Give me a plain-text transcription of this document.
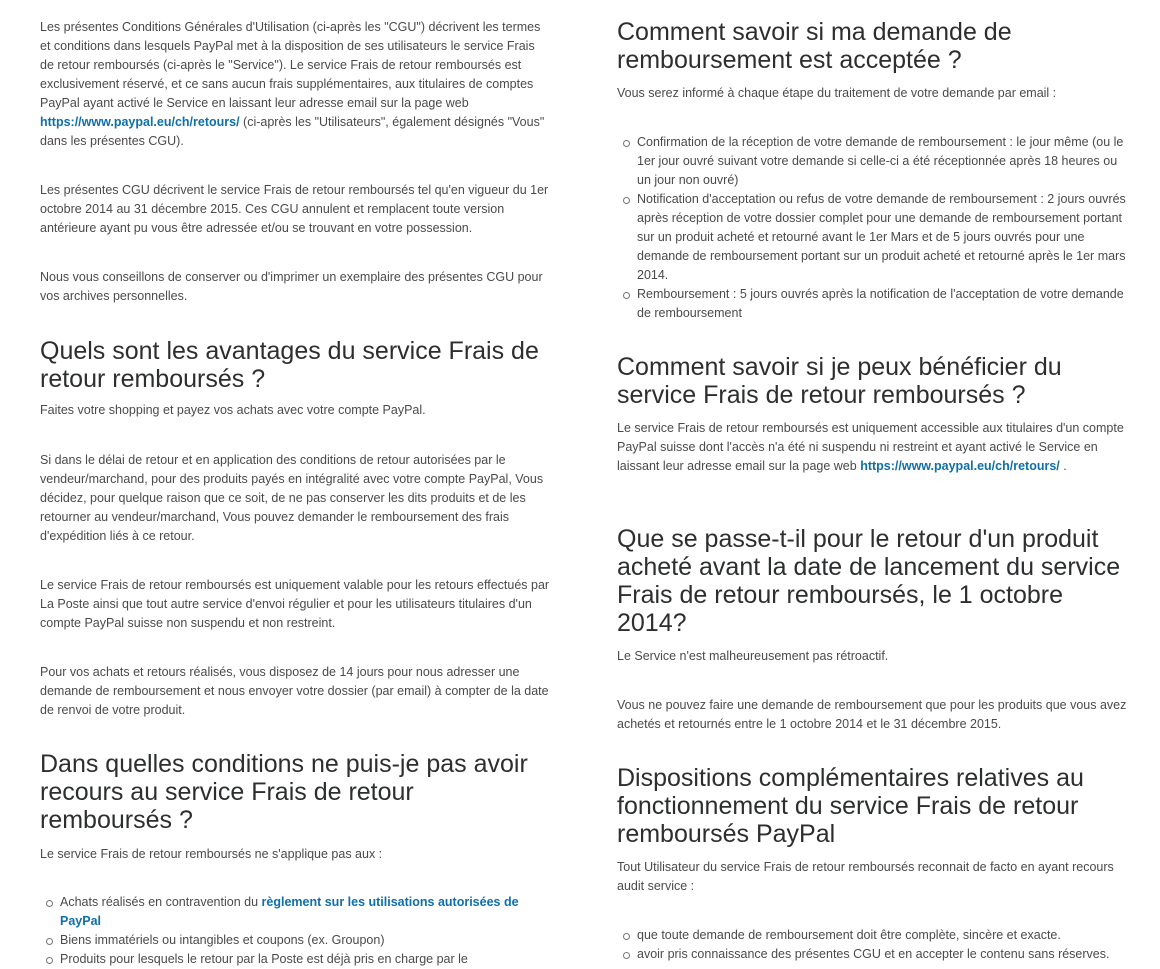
Les présentes Conditions Générales d'Utilisation (ci-après les "CGU") décrivent les termes et conditions dans lesquels PayPal met à la disposition de ses utilisateurs le service Frais de retour remboursés (ci-après le "Service"). Le service Frais de retour remboursés est exclusivement réservé, et ce sans aucun frais supplémentaires, aux titulaires de comptes PayPal ayant activé le Service en laissant leur adresse email sur la page web https://www.paypal.eu/ch/retours/ (ci-après les "Utilisateurs", également désignés "Vous" dans les présentes CGU).

Les présentes CGU décrivent le service Frais de retour remboursés tel qu'en vigueur du 1er octobre 2014 au 31 décembre 2015. Ces CGU annulent et remplacent toute version antérieure ayant pu vous être adressée et/ou se trouvant en votre possession.

Nous vous conseillons de conserver ou d'imprimer un exemplaire des présentes CGU pour vos archives personnelles.

Quels sont les avantages du service Frais de retour remboursés ?

Faites votre shopping et payez vos achats avec votre compte PayPal.

Si dans le délai de retour et en application des conditions de retour autorisées par le vendeur/marchand, pour des produits payés en intégralité avec votre compte PayPal, Vous décidez, pour quelque raison que ce soit, de ne pas conserver les dits produits et de les retourner au vendeur/marchand, Vous pouvez demander le remboursement des frais d'expédition liés à ce retour.

Le service Frais de retour remboursés est uniquement valable pour les retours effectués par La Poste ainsi que tout autre service d'envoi régulier et pour les utilisateurs titulaires d'un compte PayPal suisse non suspendu et non restreint.

Pour vos achats et retours réalisés, vous disposez de 14 jours pour nous adresser une demande de remboursement et nous envoyer votre dossier (par email) à compter de la date de renvoi de votre produit.

Dans quelles conditions ne puis-je pas avoir recours au service Frais de retour remboursés ?

Le service Frais de retour remboursés ne s'applique pas aux :

Achats réalisés en contravention du règlement sur les utilisations autorisées de PayPal
Biens immatériels ou intangibles et coupons (ex. Groupon)
Produits pour lesquels le retour par la Poste est déjà pris en charge par le
Comment savoir si ma demande de remboursement est acceptée ?

Vous serez informé à chaque étape du traitement de votre demande par email :

Confirmation de la réception de votre demande de remboursement : le jour même (ou le 1er jour ouvré suivant votre demande si celle-ci a été réceptionnée après 18 heures ou un jour non ouvré)
Notification d'acceptation ou refus de votre demande de remboursement : 2 jours ouvrés après réception de votre dossier complet pour une demande de remboursement portant sur un produit acheté et retourné avant le 1er Mars et de 5 jours ouvrés pour une demande de remboursement portant sur un produit acheté et retourné après le 1er mars 2014.
Remboursement : 5 jours ouvrés après la notification de l'acceptation de votre demande de remboursement
Comment savoir si je peux bénéficier du service Frais de retour remboursés ?

Le service Frais de retour remboursés est uniquement accessible aux titulaires d'un compte PayPal suisse dont l'accès n'a été ni suspendu ni restreint et ayant activé le Service en laissant leur adresse email sur la page web https://www.paypal.eu/ch/retours/ .

Que se passe-t-il pour le retour d'un produit acheté avant la date de lancement du service Frais de retour remboursés, le 1 octobre 2014?

Le Service n'est malheureusement pas rétroactif.

Vous ne pouvez faire une demande de remboursement que pour les produits que vous avez achetés et retournés entre le 1 octobre 2014 et le 31 décembre 2015.

Dispositions complémentaires relatives au fonctionnement du service Frais de retour remboursés PayPal

Tout Utilisateur du service Frais de retour remboursés reconnait de facto en ayant recours audit service :

que toute demande de remboursement doit être complète, sincère et exacte.
avoir pris connaissance des présentes CGU et en accepter le contenu sans réserves.
